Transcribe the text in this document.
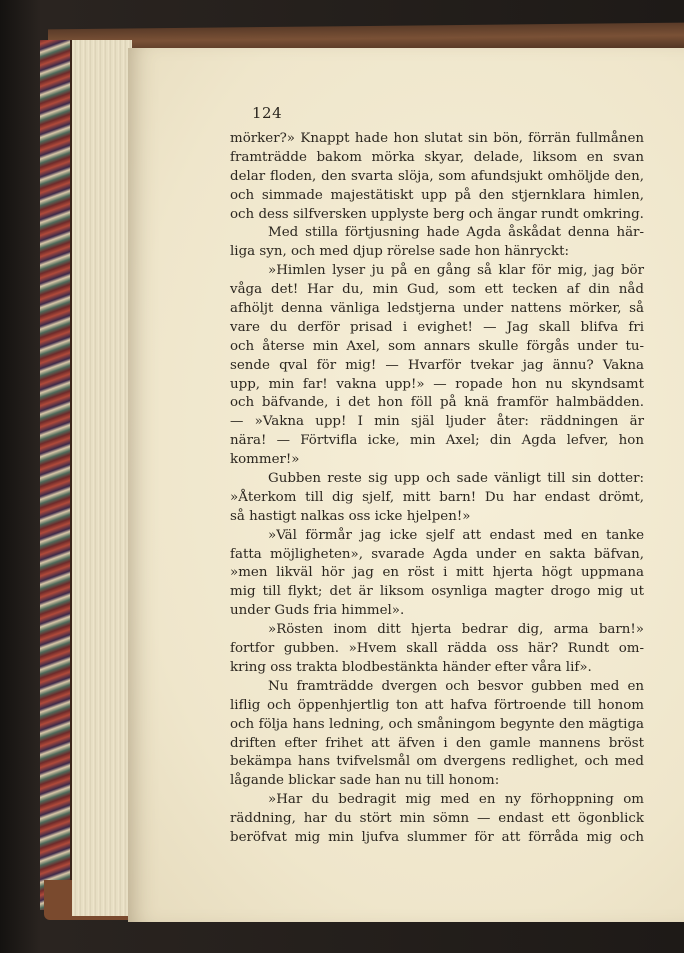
124
mörker?» Knappt hade hon slutat sin bön, förrän fullmånen
framträdde bakom mörka skyar, delade, liksom en svan
delar floden, den svarta slöja, som afundsjukt omhöljde den,
och simmade majestätiskt upp på den stjernklara himlen,
och dess silfversken upplyste berg och ängar rundt omkring.
Med stilla förtjusning hade Agda åskådat denna här-
liga syn, och med djup rörelse sade hon hänryckt:
»Himlen lyser ju på en gång så klar för mig, jag bör
våga det! Har du, min Gud, som ett tecken af din nåd
afhöljt denna vänliga ledstjerna under nattens mörker, så
vare du derför prisad i evighet! — Jag skall blifva fri
och återse min Axel, som annars skulle förgås under tu-
sende qval för mig! — Hvarför tvekar jag ännu? Vakna
upp, min far! vakna upp!» — ropade hon nu skyndsamt
och bäfvande, i det hon föll på knä framför halmbädden.
— »Vakna upp! I min själ ljuder åter: räddningen är
nära! — Förtvifla icke, min Axel; din Agda lefver, hon
kommer!»
Gubben reste sig upp och sade vänligt till sin dotter:
»Återkom till dig sjelf, mitt barn! Du har endast drömt,
så hastigt nalkas oss icke hjelpen!»
»Väl förmår jag icke sjelf att endast med en tanke
fatta möjligheten», svarade Agda under en sakta bäfvan,
»men likväl hör jag en röst i mitt hjerta högt uppmana
mig till flykt; det är liksom osynliga magter drogo mig ut
under Guds fria himmel».
»Rösten inom ditt hjerta bedrar dig, arma barn!»
fortfor gubben. »Hvem skall rädda oss här? Rundt om-
kring oss trakta blodbestänkta händer efter våra lif».
Nu framträdde dvergen och besvor gubben med en
liflig och öppenhjertlig ton att hafva förtroende till honom
och följa hans ledning, och småningom begynte den mägtiga
driften efter frihet att äfven i den gamle mannens bröst
bekämpa hans tvifvelsmål om dvergens redlighet, och med
lågande blickar sade han nu till honom:
»Har du bedragit mig med en ny förhoppning om
räddning, har du stört min sömn — endast ett ögonblick
beröfvat mig min ljufva slummer för att förråda mig och
